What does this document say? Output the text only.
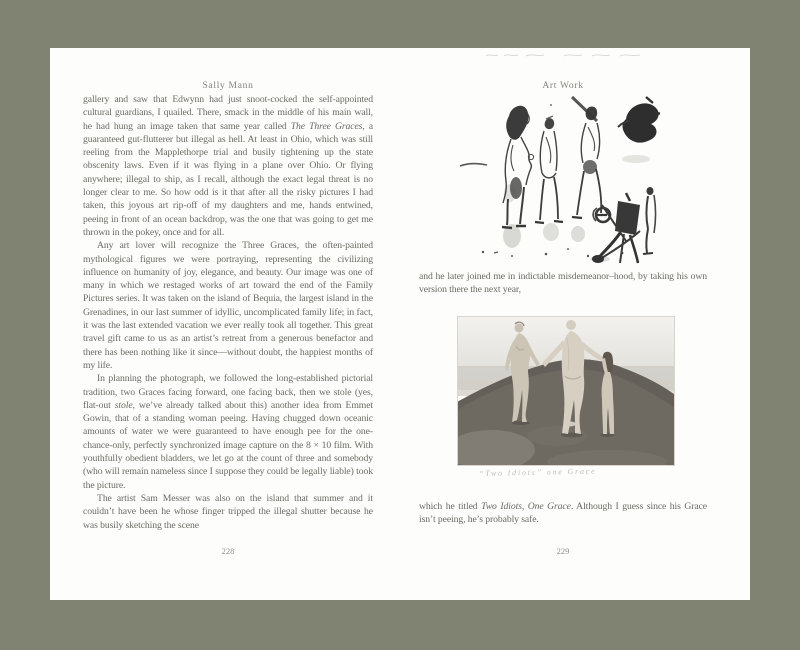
Sally Mann

gallery and saw that Edwynn had just snoot-cocked the self-appointed cultural guardians, I quailed. There, smack in the middle of his main wall, he had hung an image taken that same year called The Three Graces, a guaranteed gut-flutterer but illegal as hell. At least in Ohio, which was still reeling from the Mapplethorpe trial and busily tightening up the state obscenity laws. Even if it was flying in a plane over Ohio. Or flying anywhere; illegal to ship, as I recall, although the exact legal threat is no longer clear to me. So how odd is it that after all the risky pictures I had taken, this joyous art rip-off of my daughters and me, hands entwined, peeing in front of an ocean backdrop, was the one that was going to get me thrown in the pokey, once and for all.

Any art lover will recognize the Three Graces, the often-painted mythological figures we were portraying, representing the civilizing influence on humanity of joy, elegance, and beauty. Our image was one of many in which we restaged works of art toward the end of the Family Pictures series. It was taken on the island of Bequia, the largest island in the Grenadines, in our last summer of idyllic, uncomplicated family life; in fact, it was the last extended vacation we ever really took all together. This great travel gift came to us as an artist’s retreat from a generous benefactor and there has been nothing like it since—without doubt, the happiest months of my life.

In planning the photograph, we followed the long-established pictorial tradition, two Graces facing forward, one facing back, then we stole (yes, flat-out stole, we’ve already talked about this) another idea from Emmet Gowin, that of a standing woman peeing. Having chugged down oceanic amounts of water we were guaranteed to have enough pee for the one-chance-only, perfectly synchronized image capture on the 8 × 10 film. With youthfully obedient bladders, we let go at the count of three and somebody (who will remain nameless since I suppose they could be legally liable) took the picture.

The artist Sam Messer was also on the island that summer and it couldn’t have been he whose finger tripped the illegal shutter because he was busily sketching the scene

228
Art Work

and he later joined me in indictable misdemeanor–hood, by taking his own version there the next year,

“Two Idiots” one Grace

which he titled Two Idiots, One Grace. Although I guess since his Grace isn’t peeing, he’s probably safe.

229
